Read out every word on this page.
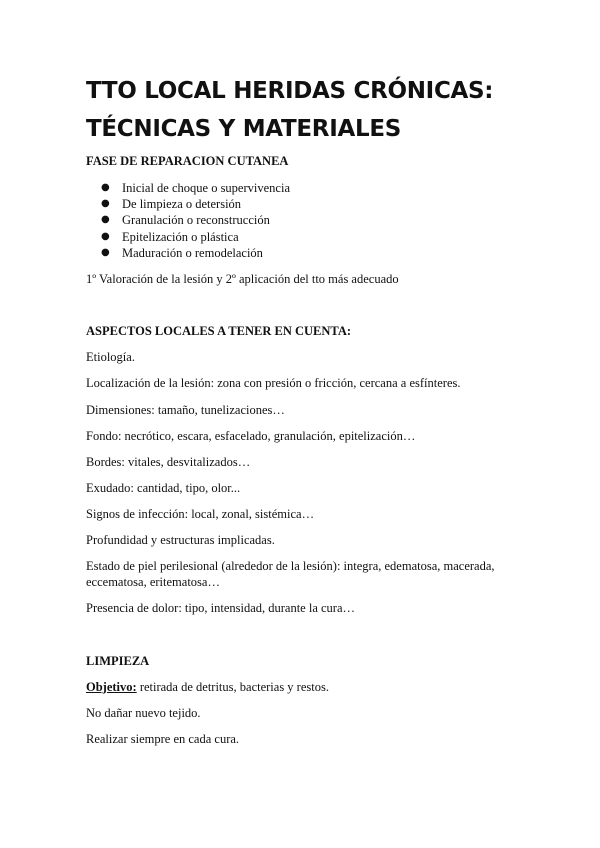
TTO LOCAL HERIDAS CRÓNICAS:
TÉCNICAS Y MATERIALES

FASE DE REPARACION CUTANEA

● Inicial de choque o supervivencia
● De limpieza o detersión
● Granulación o reconstrucción
● Epitelización o plástica
● Maduración o remodelación

1º Valoración de la lesión y 2º aplicación del tto más adecuado

ASPECTOS LOCALES A TENER EN CUENTA:

Etiología.

Localización de la lesión: zona con presión o fricción, cercana a esfínteres.

Dimensiones: tamaño, tunelizaciones…

Fondo: necrótico, escara, esfacelado, granulación, epitelización…

Bordes: vitales, desvitalizados…

Exudado: cantidad, tipo, olor...

Signos de infección: local, zonal, sistémica…

Profundidad y estructuras implicadas.

Estado de piel perilesional (alrededor de la lesión): integra, edematosa, macerada, eccematosa, eritematosa…

Presencia de dolor: tipo, intensidad, durante la cura…

LIMPIEZA

Objetivo: retirada de detritus, bacterias y restos.

No dañar nuevo tejido.

Realizar siempre en cada cura.
